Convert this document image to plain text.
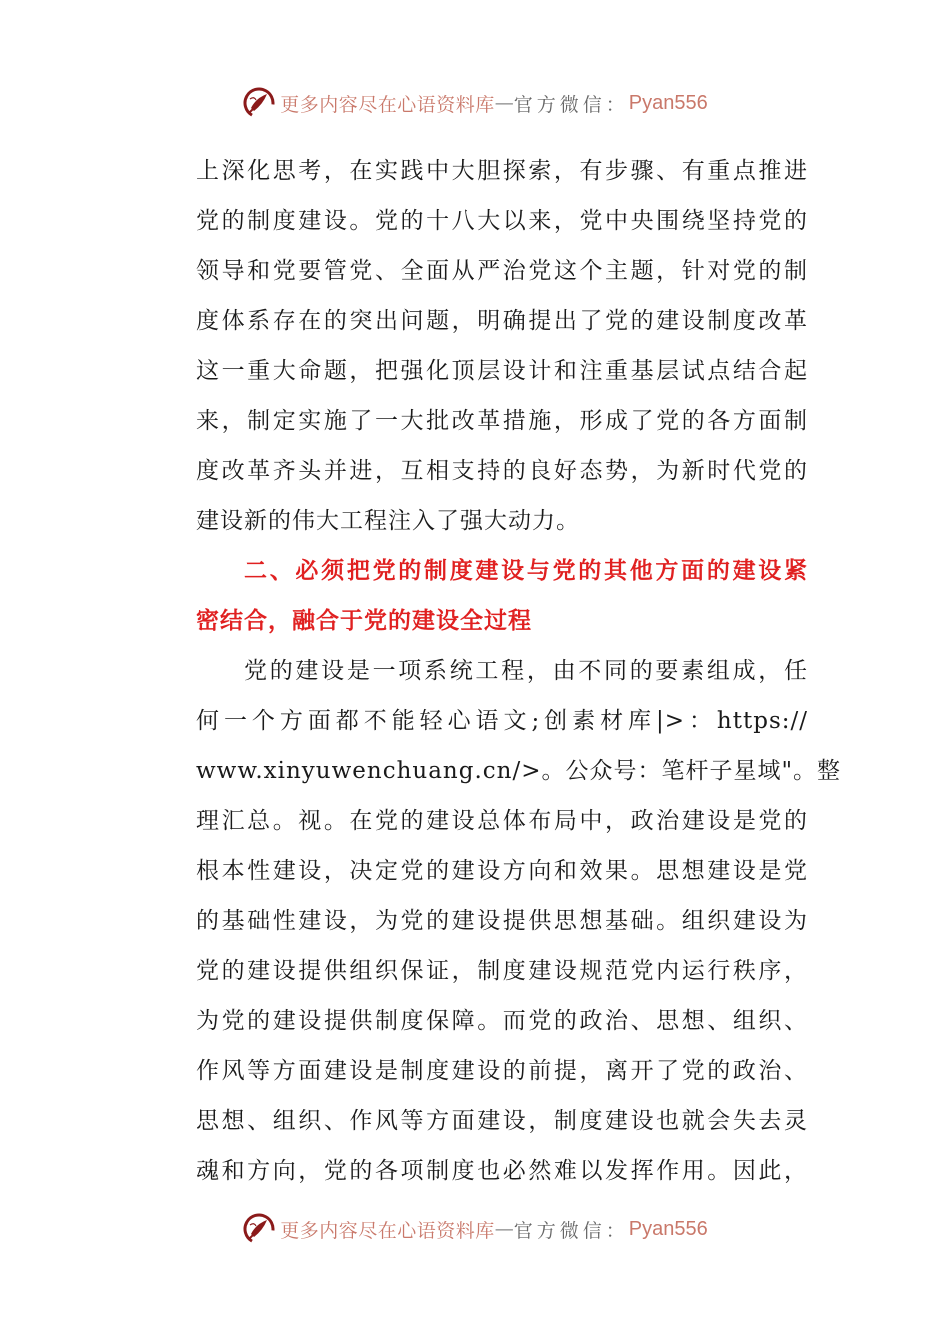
更多内容尽在心语资料库 — 官方微信： Pyan556
上深化思考，在实践中大胆探索，有步骤、有重点推进
党的制度建设。党的十八大以来，党中央围绕坚持党的
领导和党要管党、全面从严治党这个主题，针对党的制
度体系存在的突出问题，明确提出了党的建设制度改革
这一重大命题，把强化顶层设计和注重基层试点结合起
来，制定实施了一大批改革措施，形成了党的各方面制
度改革齐头并进，互相支持的良好态势，为新时代党的
建设新的伟大工程注入了强大动力。
二、必须把党的制度建设与党的其他方面的建设紧
密结合，融合于党的建设全过程
党的建设是一项系统工程，由不同的要素组成，任
何一个方面都不能轻心语文;创素材库|>：https://
www.xinyuwenchuang.cn/>。公众号：笔杆子星域"。整
理汇总。视。在党的建设总体布局中，政治建设是党的
根本性建设，决定党的建设方向和效果。思想建设是党
的基础性建设，为党的建设提供思想基础。组织建设为
党的建设提供组织保证，制度建设规范党内运行秩序，
为党的建设提供制度保障。而党的政治、思想、组织、
作风等方面建设是制度建设的前提，离开了党的政治、
思想、组织、作风等方面建设，制度建设也就会失去灵
魂和方向，党的各项制度也必然难以发挥作用。因此，
更多内容尽在心语资料库 — 官方微信： Pyan556
